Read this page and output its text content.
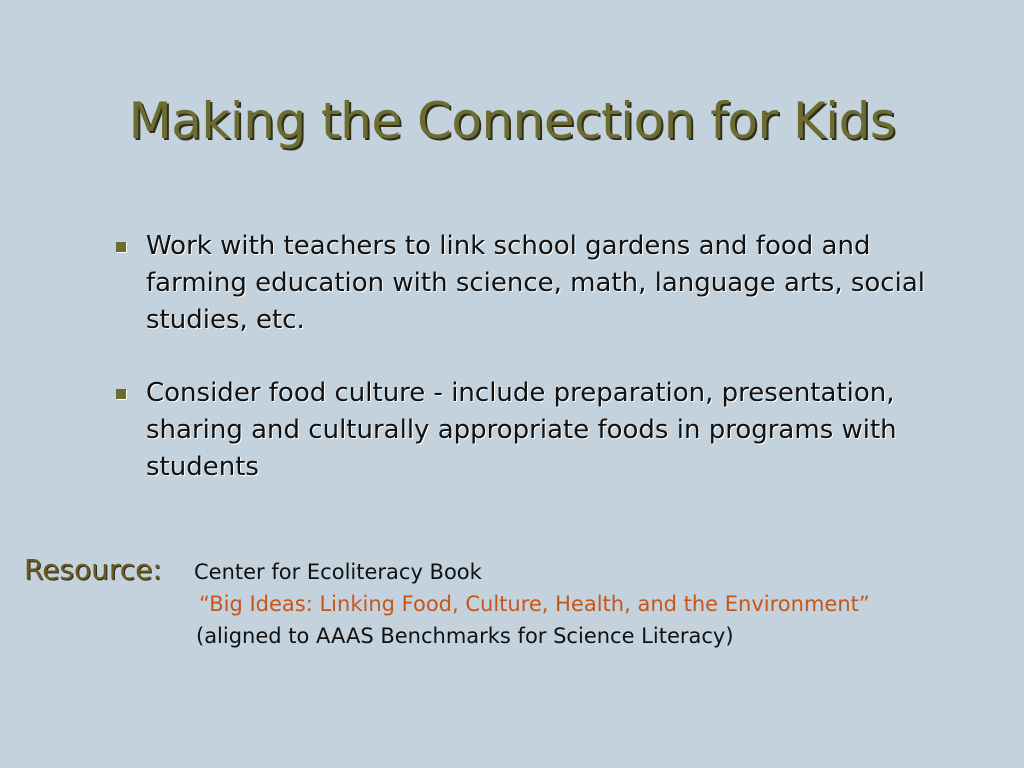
Making the Connection for Kids
Work with teachers to link school gardens and food and farming education with science, math, language arts, social studies, etc.
Consider food culture - include preparation, presentation, sharing and culturally appropriate foods in programs with students
Resource: Center for Ecoliteracy Book
“Big Ideas: Linking Food, Culture, Health, and the Environment”
(aligned to AAAS Benchmarks for Science Literacy)
